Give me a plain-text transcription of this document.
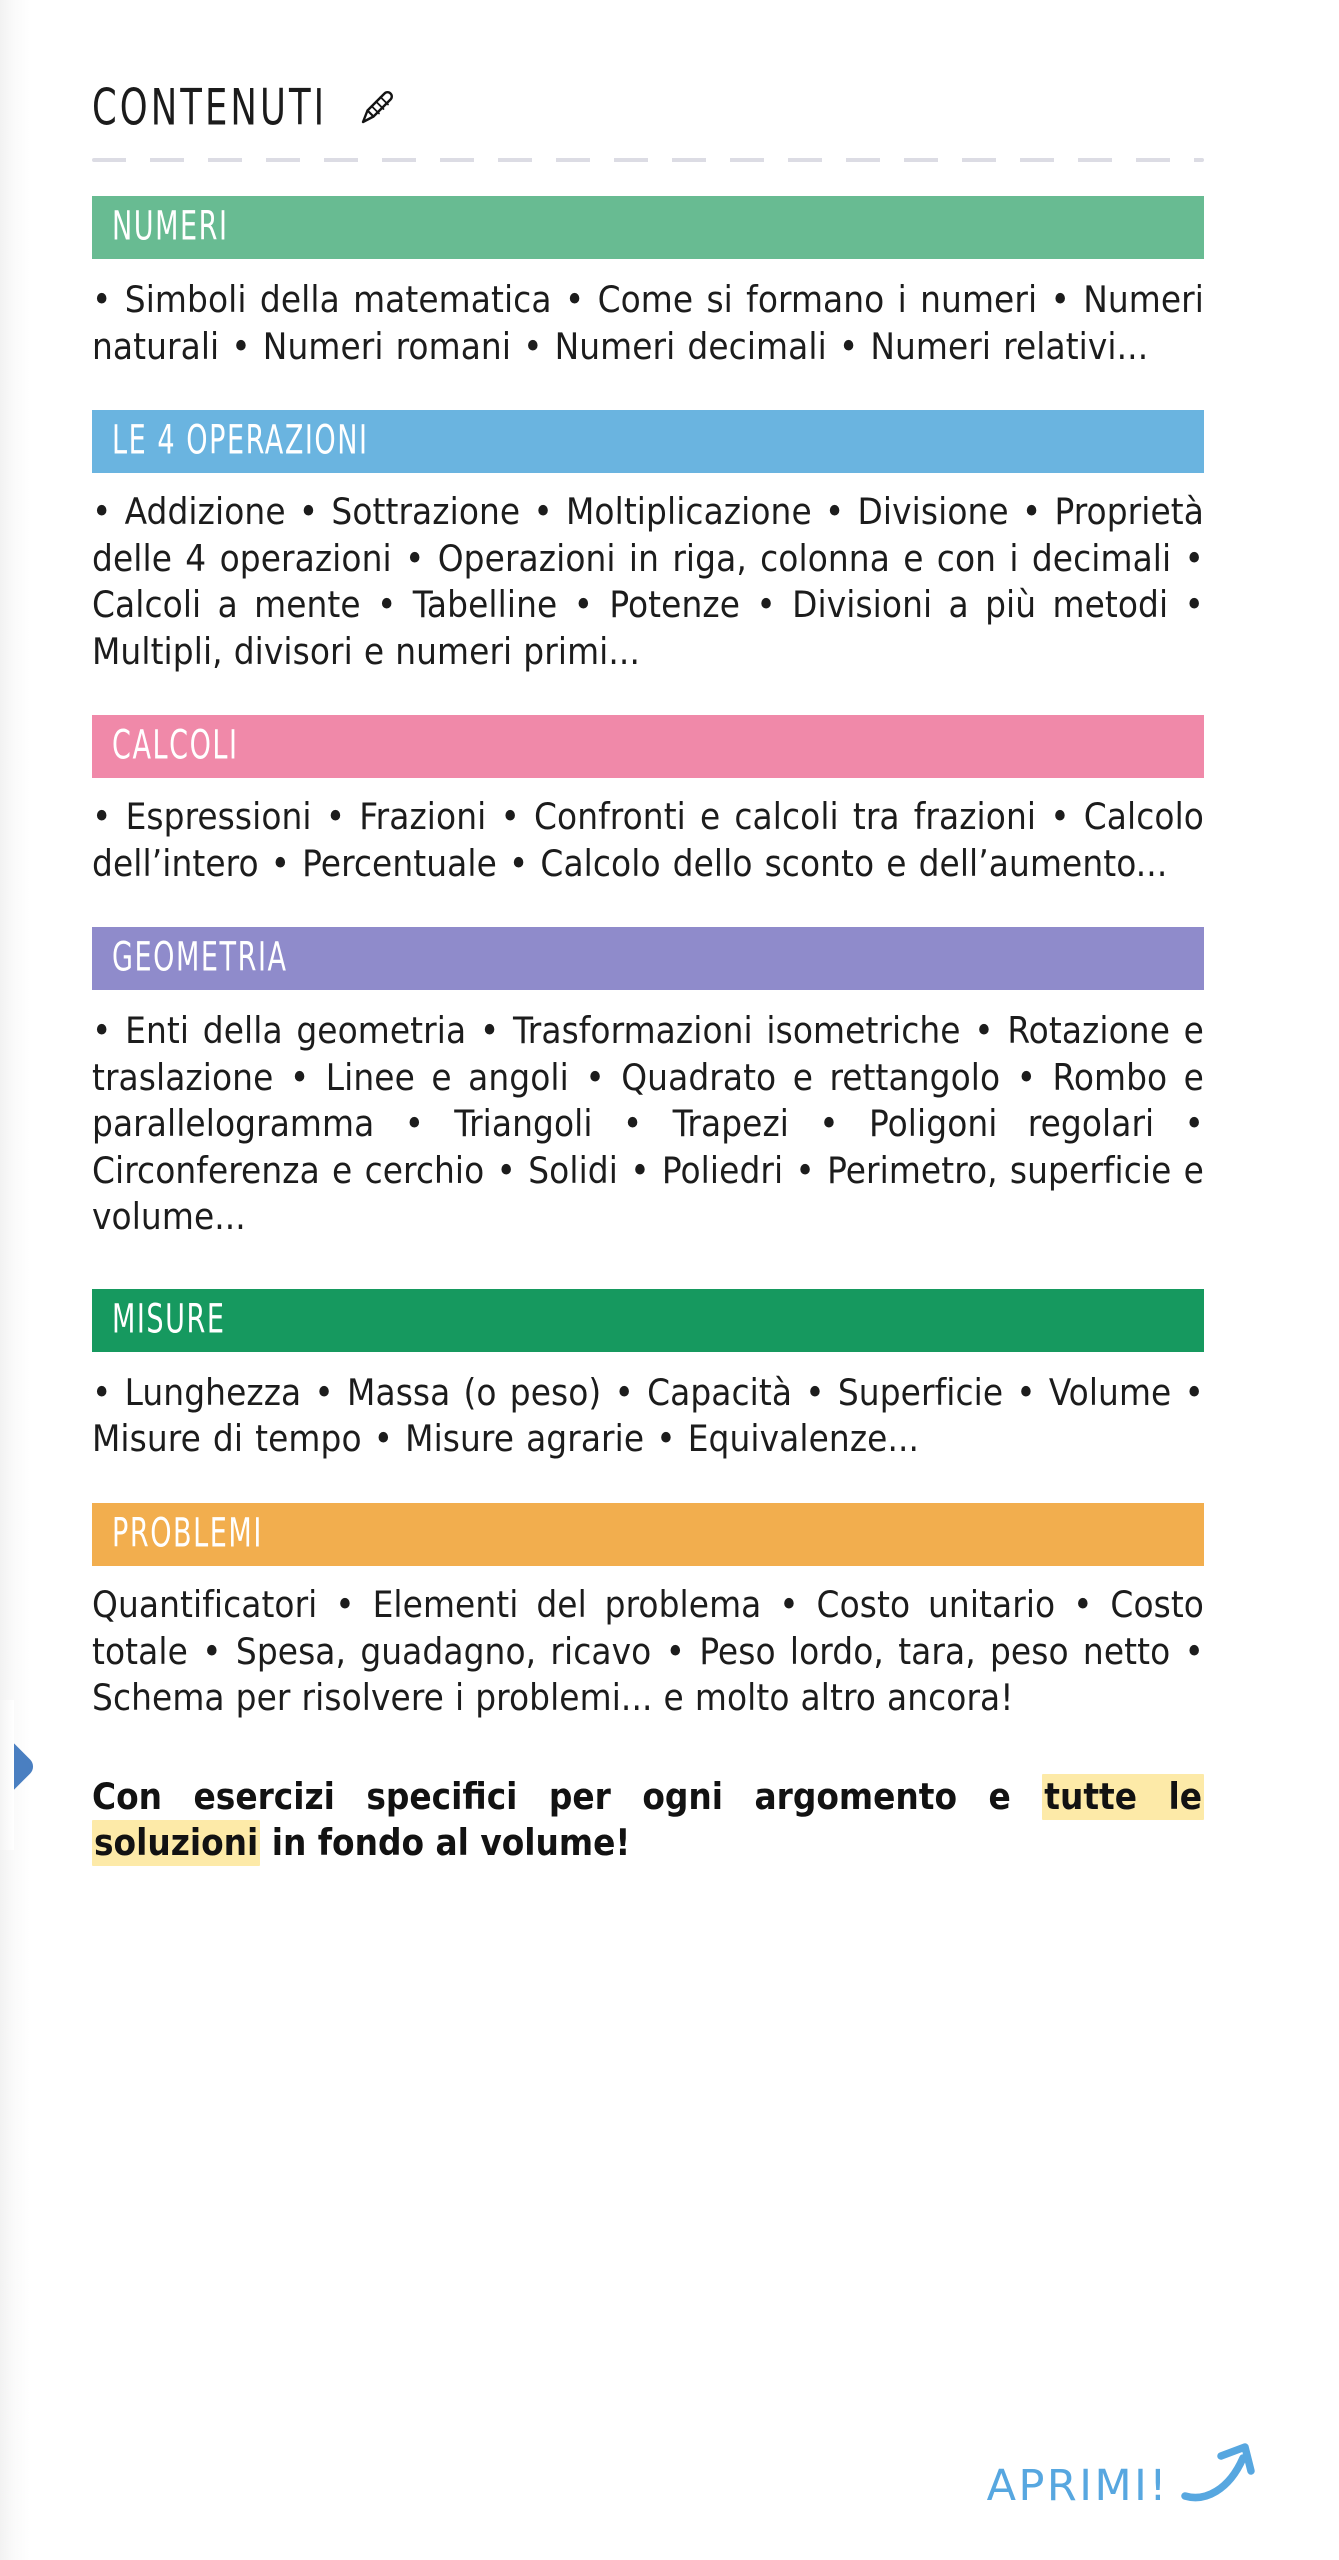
CONTENUTI
NUMERI
• Simboli della matematica • Come si formano i numeri • Numeri naturali • Numeri romani • Numeri decimali • Numeri relativi...
LE 4 OPERAZIONI
• Addizione • Sottrazione • Moltiplicazione • Divisione • Proprietà delle 4 operazioni • Operazioni in riga, colonna e con i decimali • Calcoli a mente • Tabelline • Potenze • Divisioni a più metodi • Multipli, divisori e numeri primi...
CALCOLI
• Espressioni • Frazioni • Confronti e calcoli tra frazioni • Calcolo dell’intero • Percentuale • Calcolo dello sconto e dell’aumento...
GEOMETRIA
• Enti della geometria • Trasformazioni isometriche • Rotazione e traslazione • Linee e angoli • Quadrato e rettangolo • Rombo e parallelogramma • Triangoli • Trapezi • Poligoni regolari • Circonferenza e cerchio • Solidi • Poliedri • Perimetro, superficie e volume...
MISURE
• Lunghezza • Massa (o peso) • Capacità • Superficie • Volume • Misure di tempo • Misure agrarie • Equivalenze...
PROBLEMI
Quantificatori • Elementi del problema • Costo unitario • Costo totale • Spesa, guadagno, ricavo • Peso lordo, tara, peso netto • Schema per risolvere i problemi... e molto altro ancora!
Con esercizi specifici per ogni argomento e tutte le soluzioni in fondo al volume!
APRIMI!
